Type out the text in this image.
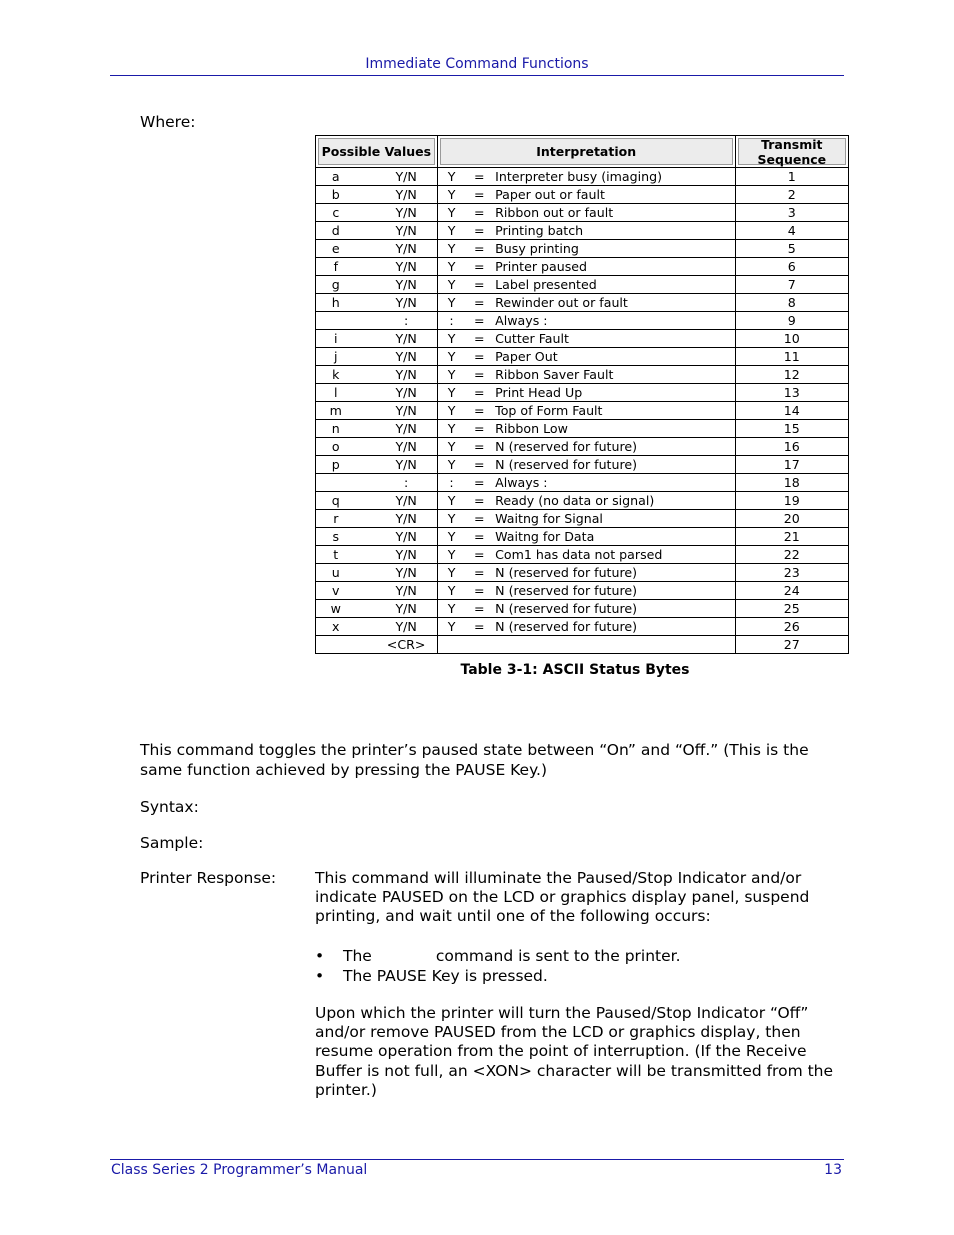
Immediate Command Functions
Where:
Possible Values		Interpretation			Transmit Sequence
a	Y/N	Y	=	Interpreter busy (imaging)	1
b	Y/N	Y	=	Paper out or fault	2
c	Y/N	Y	=	Ribbon out or fault	3
d	Y/N	Y	=	Printing batch	4
e	Y/N	Y	=	Busy printing	5
f	Y/N	Y	=	Printer paused	6
g	Y/N	Y	=	Label presented	7
h	Y/N	Y	=	Rewinder out or fault	8
	:	:	=	Always :	9
i	Y/N	Y	=	Cutter Fault	10
j	Y/N	Y	=	Paper Out	11
k	Y/N	Y	=	Ribbon Saver Fault	12
l	Y/N	Y	=	Print Head Up	13
m	Y/N	Y	=	Top of Form Fault	14
n	Y/N	Y	=	Ribbon Low	15
o	Y/N	Y	=	N (reserved for future)	16
p	Y/N	Y	=	N (reserved for future)	17
	:	:	=	Always :	18
q	Y/N	Y	=	Ready (no data or signal)	19
r	Y/N	Y	=	Waitng for Signal	20
s	Y/N	Y	=	Waitng for Data	21
t	Y/N	Y	=	Com1 has data not parsed	22
u	Y/N	Y	=	N (reserved for future)	23
v	Y/N	Y	=	N (reserved for future)	24
w	Y/N	Y	=	N (reserved for future)	25
x	Y/N	Y	=	N (reserved for future)	26
	<CR>				27
Table 3-1: ASCII Status Bytes
This command toggles the printer’s paused state between “On” and “Off.” (This is the same function achieved by pressing the PAUSE Key.)
Syntax:
Sample:
Printer Response:	This command will illuminate the Paused/Stop Indicator and/or indicate PAUSED on the LCD or graphics display panel, suspend printing, and wait until one of the following occurs:
•	The	command is sent to the printer.
•	The PAUSE Key is pressed.
Upon which the printer will turn the Paused/Stop Indicator “Off” and/or remove PAUSED from the LCD or graphics display, then resume operation from the point of interruption. (If the Receive Buffer is not full, an <XON> character will be transmitted from the printer.)
Class Series 2 Programmer’s Manual	13
